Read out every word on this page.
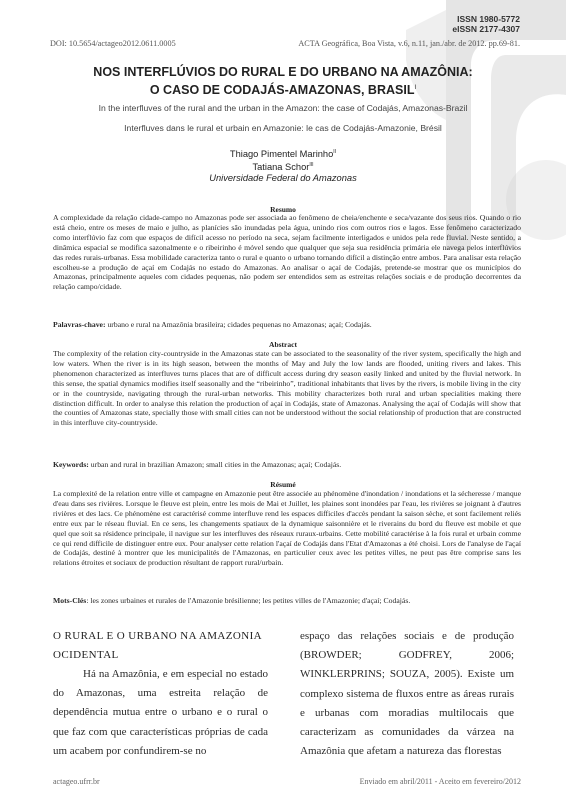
ISSN 1980-5772
eISSN 2177-4307
DOI: 10.5654/actageo2012.0611.0005	ACTA Geográfica, Boa Vista, v.6, n.11, jan./abr. de 2012. pp.69-81.
NOS INTERFLÚVIOS DO RURAL E DO URBANO NA AMAZÔNIA:
O CASO DE CODAJÁS-AMAZONAS, $BRASIL^I$
In the interfluves of the rural and the urban in the Amazon: the case of Codajás, Amazonas-Brazil
Interfluves dans le rural et urbain en Amazonie: le cas de Codajás-Amazonie, Brésil
Thiago Pimentel Marinho$^{II}$
Tatiana Schor$^{III}$
Universidade Federal do Amazonas
Resumo
A complexidade da relação cidade-campo no Amazonas pode ser associada ao fenômeno de cheia/enchente e seca/vazante dos seus rios. Quando o rio está cheio, entre os meses de maio e julho, as planícies são inundadas pela água, unindo rios com outros rios e lagos. Esse fenômeno caracterizado como interflúvio faz com que espaços de difícil acesso no período na seca, sejam facilmente interligados e unidos pela rede fluvial. Neste sentido, a dinâmica espacial se modifica sazonalmente e o ribeirinho é móvel sendo que qualquer que seja sua residência primária ele navega pelos interflúvios das redes rurais-urbanas. Essa mobilidade caracteriza tanto o rural e quanto o urbano tornando difícil a distinção entre ambos. Para analisar esta relação escolheu-se a produção de açaí em Codajás no estado do Amazonas. Ao analisar o açaí de Codajás, pretende-se mostrar que os municípios do Amazonas, principalmente aqueles com cidades pequenas, não podem ser entendidos sem as estreitas relações sociais e de produção decorrentes da relação campo/cidade.
Palavras-chave: urbano e rural na Amazônia brasileira; cidades pequenas no Amazonas; açaí; Codajás.
Abstract
The complexity of the relation city-countryside in the Amazonas state can be associated to the seasonality of the river system, specifically the high and low waters. When the river is in its high season, between the months of May and July the low lands are flooded, uniting rivers and lakes. This phenomenon characterized as interfluves turns places that are of difficult access during dry season easily linked and united by the fluvial network. In this sense, the spatial dynamics modifies itself seasonally and the “ribeirinho”, traditional inhabitants that lives by the rivers, is mobile living in the city or in the countryside, navigating through the rural-urban networks. This mobility characterizes both rural and urban specialities making there distinction difficult. In order to analyse this relation the production of açaí in Codajás, state of Amazonas. Analysing the açaí of Codajás will show that the counties of Amazonas state, specially those with small cities can not be understood without the social relationship of production that are constructed in this interfluve city-countryside.
Keywords: urban and rural in brazilian Amazon; small cities in the Amazonas; açaí; Codajás.
Résumé
La complexité de la relation entre ville et campagne en Amazonie peut être associée au phénomène d'inondation / inondations et la sécheresse / manque d'eau dans ses rivières. Lorsque le fleuve est plein, entre les mois de Mai et Juillet, les plaines sont inondées par l'eau, les rivières se joignant à d'autres rivières et des lacs. Ce phénomène est caractérisé comme interfluve rend les espaces difficiles d'accès pendant la saison sèche, et sont facilement reliés entre eux par le réseau fluvial. En ce sens, les changements spatiaux de la dynamique saisonnière et le riverains du bord du fleuve est mobile et que quel que soit sa résidence principale, il navigue sur les interfluves des réseaux ruraux-urbains. Cette mobilité caractérise à la fois rural et urbain comme ce qui rend difficile de distinguer entre eux. Pour analyser cette relation l'açaí de Codajás dans l'Etat d'Amazonas a été choisi. Lors de l'analyse de l'açaí de Codajás, destiné à montrer que les municipalités de l'Amazonas, en particulier ceux avec les petites villes, ne peut pas être comprise sans les relations étroites et sociaux de production résultant de rapport rural/urbain.
Mots-Clés: les zones urbaines et rurales de l'Amazonie brésilienne; les petites villes de l'Amazonie; d'açaí; Codajás.
O RURAL E O URBANO NA AMAZONIA
OCIDENTAL
Há na Amazônia, e em especial no estado do Amazonas, uma estreita relação de dependência mutua entre o urbano e o rural o que faz com que características próprias de cada um acabem por confundirem-se no
espaço das relações sociais e de produção (BROWDER; GODFREY, 2006; WINKLERPRINS; SOUZA, 2005). Existe um complexo sistema de fluxos entre as áreas rurais e urbanas com moradias multilocais que caracterizam as comunidades da várzea na Amazônia que afetam a natureza das florestas
actageo.ufrr.br	Enviado em abril/2011 - Aceito em fevereiro/2012
